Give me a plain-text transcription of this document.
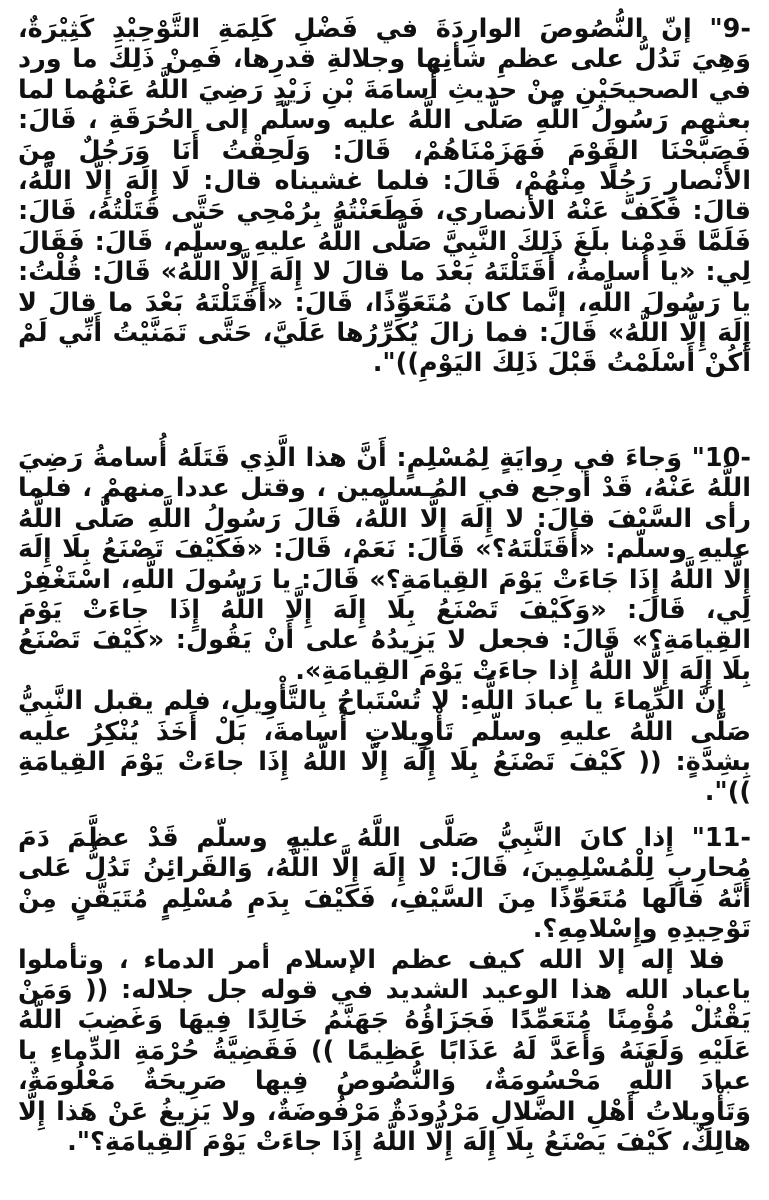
9-" إنّ النُّصُوصَ الوارِدَةَ في فَضْلِ كَلِمَةِ التَّوْحِيْدِ كَثِيْرَةٌ، وَهِيَ تَدُلُّ على عظمِ شأنِها وجلالةِ قدرِها، فَمِنْ ذَلِكَ ما ورد في الصحيحَيْنِ مِنْ حديثِ أُسامَةَ بْنِ زَيْدٍ رَضِيَ اللَّهُ عَنْهُما لما بعثهم رَسُولُ اللَّهِ صَلَّى اللَّهُ عليه وسلّم إلى الحُرَقَةِ ، قَالَ: فَصَبَّحْنَا القَوْمَ فَهَزَمْنَاهُمْ، قَالَ: وَلَحِقْتُ أَنَا وَرَجُلٌ مِنَ الأَنْصارِ رَجُلًا مِنْهُمْ، قَالَ: فلما غشيناه قال: لَا إِلَهَ إِلَّا اللَّهُ، قالَ: فَكَفَّ عَنْهُ الأنصاري، فَطَعَنْتُهُ بِرُمْحِي حَتَّى قَتَلْتُهُ، قَالَ: فَلَمَّا قَدِمْنا بلَغَ ذَلِكَ النَّبِيَّ صَلَّى اللَّهُ عليهِ وسلّم، قَالَ: فَقَالَ لِي: «يا أُسامةُ، أَقَتَلْتَهُ بَعْدَ ما قالَ لا إِلَهَ إِلَّا اللَّهُ» قَالَ: قُلْتُ: يا رَسُولَ اللَّهِ، إنَّما كانَ مُتَعَوِّذًا، قَالَ: «أَقَتَلْتَهُ بَعْدَ ما قالَ لا إِلَهَ إِلَّا اللَّهُ» قَالَ: فما زالَ يُكَرِّرُها عَلَيَّ، حَتَّى تَمَنَّيْتُ أَنِّي لَمْ أَكُنْ أَسْلَمْتُ قَبْلَ ذَلِكَ اليَوْمِ))".

10-" وَجاءَ في رِوايَةٍ لِمُسْلِمٍ: أَنَّ هذا الَّذِي قَتَلَهُ أُسامةُ رَضِيَ اللَّهُ عَنْهُ، قَدْ أوجع في المُـسلمين ، وقتل عددا منهمْ ، فلما رأى السَّيْفَ قالَ: لا إِلَهَ إِلَّا اللَّهُ، قَالَ رَسُولُ اللَّهِ صَلَّى اللَّهُ عليهِ وسلّم: «أَقَتَلْتَهُ؟» قَالَ: نَعَمْ، قَالَ: «فَكَيْفَ تَصْنَعُ بِلَا إِلَهَ إِلَّا اللَّهُ إِذَا جَاءَتْ يَوْمَ القِيامَةِ؟» قَالَ: يا رَسُولَ اللَّهِ، اسْتَغْفِرْ لِي، قَالَ: «وَكَيْفَ تَصْنَعُ بِلَا إِلَهَ إِلَّا اللَّهُ إِذَا جاءَتْ يَوْمَ القِيامَةِ؟» قَالَ: فجعل لا يَزِيدُهُ على أَنْ يَقُولَ: «كَيْفَ تَصْنَعُ بِلَا إِلَهَ إِلَّا اللَّهُ إِذا جاءَتْ يَوْمَ القِيامَةِ».
إِنَّ الدِّماءَ يا عبادَ اللَّهِ: لا تُسْتَباحُ بِالتَّأْوِيلِ، فلم يقبل النَّبِيُّ صَلَّى اللَّهُ عليهِ وسلّم تَأْوِيلاتِ أُسامةَ، بَلْ أَخَذَ يُنْكِرُ عليه بِشِدَّةٍ: (( كَيْفَ تَصْنَعُ بِلَا إِلَهَ إِلَّا اللَّهُ إِذَا جاءَتْ يَوْمَ القِيامَةِ ))".

11-" إِذا كانَ النَّبِيُّ صَلَّى اللَّهُ عليهِ وسلّم قَدْ عظَّمَ دَمَ مُحارِبٍ لِلْمُسْلِمِينَ، قَالَ: لا إِلَهَ إِلَّا اللَّهُ، وَالقَرائِنُ تَدُلُّ عَلى أَنَّهُ قالَها مُتَعَوِّذًا مِنَ السَّيْفِ، فَكَيْفَ بِدَمِ مُسْلِمٍ مُتَيَقَّنٍ مِنْ تَوْحِيدِهِ وإِسْلامِهِ؟.
فلا إله إلا الله كيف عظم الإسلام أمر الدماء ، وتأملوا ياعباد الله هذا الوعيد الشديد في قوله جل جلاله: (( وَمَنْ يَقْتُلْ مُؤْمِنًا مُتَعَمِّدًا فَجَزَاؤُهُ جَهَنَّمُ خَالِدًا فِيهَا وَغَضِبَ اللَّهُ عَلَيْهِ وَلَعَنَهُ وَأَعَدَّ لَهُ عَذَابًا عَظِيمًا )) فَقَضِيَّةُ حُرْمَةِ الدِّماءِ يا عبادَ اللَّهِ مَحْسُومَةٌ، وَالنُّصُوصُ فِيها صَرِيحَةٌ مَعْلُومَةٌ، وَتَأْوِيلاتُ أَهْلِ الضَّلالِ مَرْدُودَةٌ مَرْفُوضَةٌ، ولا يَزِيغُ عَنْ هَذا إِلَّا هالِكٌ، كَيْفَ يَصْنَعُ بِلَا إِلَهَ إِلَّا اللَّهُ إِذَا جاءَتْ يَوْمَ القِيامَةِ؟".
